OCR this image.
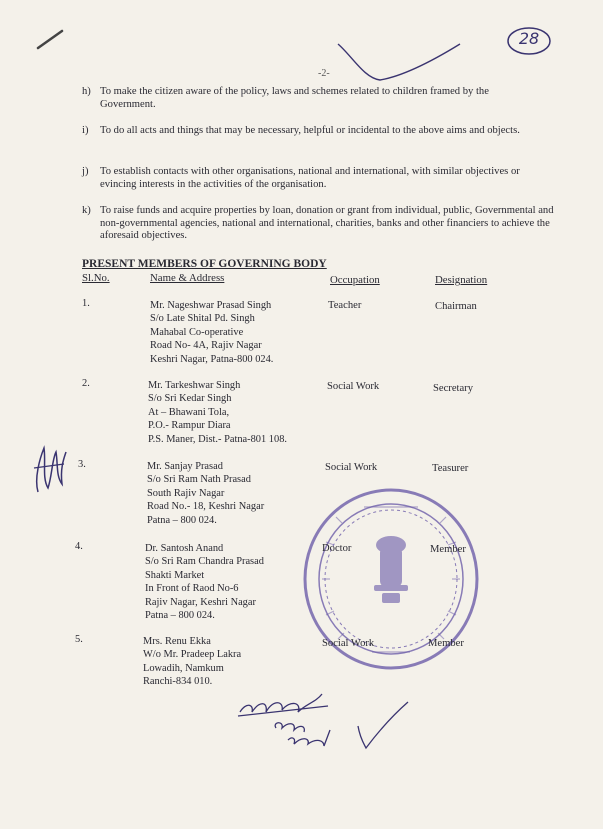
28
-2-
h) To make the citizen aware of the policy, laws and schemes related to children framed by the Government.
i) To do all acts and things that may be necessary, helpful or incidental to the above aims and objects.
j) To establish contacts with other organisations, national and international, with similar objectives or evincing interests in the activities of the organisation.
k) To raise funds and acquire properties by loan, donation or grant from individual, public, Governmental and non-governmental agencies, national and international, charities, banks and other financiers to achieve the aforesaid objectives.
PRESENT MEMBERS OF GOVERNING BODY
Sl.No.	Name & Address	Occupation	Designation
1.	Mr. Nageshwar Prasad Singh
S/o Late Shital Pd. Singh
Mahabal Co-operative
Road No- 4A, Rajiv Nagar
Keshri Nagar, Patna-800 024.
Teacher	Chairman
2.	Mr. Tarkeshwar Singh
S/o Sri Kedar Singh
At – Bhawani Tola,
P.O.- Rampur Diara
P.S. Maner, Dist.- Patna-801 108.
Social Work	Secretary
3.	Mr. Sanjay Prasad
S/o Sri Ram Nath Prasad
South Rajiv Nagar
Road No.- 18, Keshri Nagar
Patna – 800 024.
Social Work	Teasurer
4.	Dr. Santosh Anand
S/o Sri Ram Chandra Prasad
Shakti Market
In Front of Raod No-6
Rajiv Nagar, Keshri Nagar
Patna – 800 024.
Doctor	Member
5.	Mrs. Renu Ekka
W/o Mr. Pradeep Lakra
Lowadih, Namkum
Ranchi-834 010.
Social Work	Member
